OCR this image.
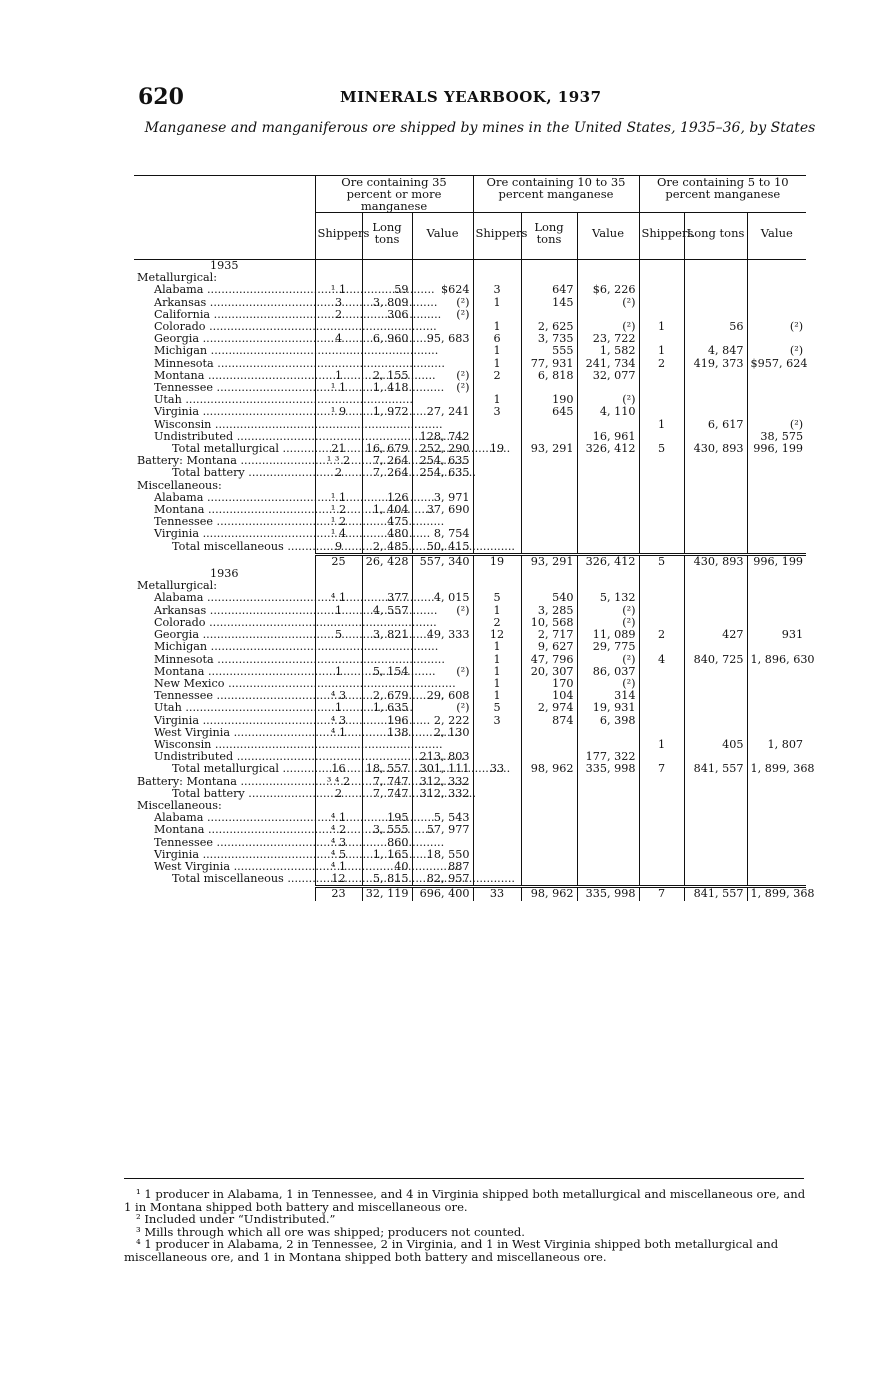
620	MINERALS YEARBOOK, 1937
Manganese and manganiferous ore shipped by mines in the United States, 1935–36, by States

	Ore containing 35 percent or more manganese			Ore containing 10 to 35 percent manganese			Ore containing 5 to 10 percent manganese		
	Shippers	Long tons	Value	Shippers	Long tons	Value	Shippers	Long tons	Value
1935									
Metallurgical:									
Alabama .....	¹ 1	59	$624	3	647	$6, 226			
Arkansas .....	3	3, 809	(²)	1	145	(²)			
California .....	2	306	(²)						
Colorado .....				1	2, 625	(²)	1	56	(²)
Georgia .....	4	6, 960	95, 683	6	3, 735	23, 722			
Michigan .....				1	555	1, 582	1	4, 847	(²)
Minnesota .....				1	77, 931	241, 734	2	419, 373	$957, 624
Montana .....	1	2, 155	(²)	2	6, 818	32, 077			
Tennessee .....	¹ 1	1, 418	(²)						
Utah .....				1	190	(²)			
Virginia .....	¹ 9	1, 972	27, 241	3	645	4, 110			
Wisconsin .....							1	6, 617	(²)
Undistributed .....			128, 742			16, 961			38, 575
Total metallurgical .....	21	16, 679	252, 290	19	93, 291	326, 412	5	430, 893	996, 199
Battery: Montana .....	¹ ³ 2	7, 264	254, 635						
Total battery .....	2	7, 264	254, 635						
Miscellaneous:									
Alabama .....	¹ 1	126	3, 971						
Montana .....	¹ 2	1, 404	37, 690						
Tennessee .....	¹ 2	475							
Virginia .....	¹ 4	480	8, 754						
Total miscellaneous .....	9	2, 485	50, 415						
	25	26, 428	557, 340	19	93, 291	326, 412	5	430, 893	996, 199
1936									
Metallurgical:									
Alabama .....	⁴ 1	377	4, 015	5	540	5, 132			
Arkansas .....	1	4, 557	(²)	1	3, 285	(²)			
Colorado .....				2	10, 568	(²)			
Georgia .....	5	3, 821	49, 333	12	2, 717	11, 089	2	427	931
Michigan .....				1	9, 627	29, 775			
Minnesota .....				1	47, 796	(²)	4	840, 725	1, 896, 630
Montana .....	1	5, 154	(²)	1	20, 307	86, 037			
New Mexico .....				1	170	(²)			
Tennessee .....	⁴ 3	2, 679	29, 608	1	104	314			
Utah .....	1	1, 635	(²)	5	2, 974	19, 931			
Virginia .....	⁴ 3	196	2, 222	3	874	6, 398			
West Virginia .....	⁴ 1	138	2, 130						
Wisconsin .....							1	405	1, 807
Undistributed .....			213, 803			177, 322			
Total metallurgical .....	16	18, 557	301, 111	33	98, 962	335, 998	7	841, 557	1, 899, 368
Battery: Montana .....	³ ⁴ 2	7, 747	312, 332						
Total battery .....	2	7, 747	312, 332						
Miscellaneous:									
Alabama .....	⁴ 1	195	5, 543						
Montana .....	⁴ 2	3, 555	57, 977						
Tennessee .....	⁴ 3	860							
Virginia .....	⁴ 5	1, 165	18, 550						
West Virginia .....	⁴ 1	40	887						
Total miscellaneous .....	12	5, 815	82, 957						
	23	32, 119	696, 400	33	98, 962	335, 998	7	841, 557	1, 899, 368
¹ 1 producer in Alabama, 1 in Tennessee, and 4 in Virginia shipped both metallurgical and miscellaneous ore, and 1 in Montana shipped both battery and miscellaneous ore.
² Included under “Undistributed.”
³ Mills through which all ore was shipped; producers not counted.
⁴ 1 producer in Alabama, 2 in Tennessee, 2 in Virginia, and 1 in West Virginia shipped both metallurgical and miscellaneous ore, and 1 in Montana shipped both battery and miscellaneous ore.
